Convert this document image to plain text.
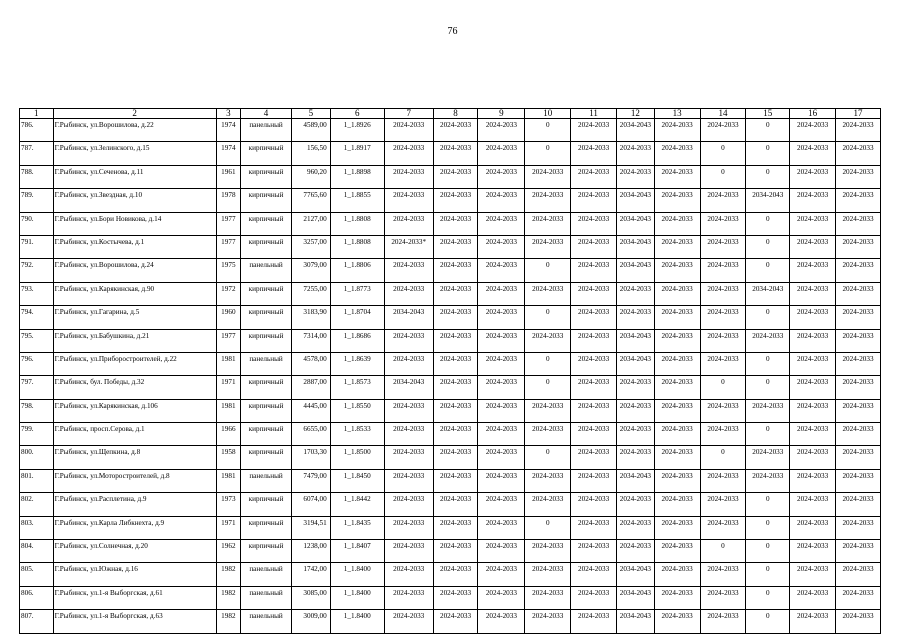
76
1	2	3	4	5	6	7	8	9	10	11	12	13	14	15	16	17
786.	Г.Рыбинск, ул.Ворошилова, д.22	1974	панельный	4589,00	1_1.8926	2024-2033	2024-2033	2024-2033	0	2024-2033	2034-2043	2024-2033	2024-2033	0	2024-2033	2024-2033
787.	Г.Рыбинск, ул.Зелинского, д.15	1974	кирпичный	156,50	1_1.8917	2024-2033	2024-2033	2024-2033	0	2024-2033	2024-2033	2024-2033	0	0	2024-2033	2024-2033
788.	Г.Рыбинск, ул.Сеченова, д.11	1961	кирпичный	960,20	1_1.8898	2024-2033	2024-2033	2024-2033	2024-2033	2024-2033	2024-2033	2024-2033	0	0	2024-2033	2024-2033
789.	Г.Рыбинск, ул.Звездная, д.10	1978	кирпичный	7765,60	1_1.8855	2024-2033	2024-2033	2024-2033	2024-2033	2024-2033	2034-2043	2024-2033	2024-2033	2034-2043	2024-2033	2024-2033
790.	Г.Рыбинск, ул.Бори Новикова, д.14	1977	кирпичный	2127,00	1_1.8808	2024-2033	2024-2033	2024-2033	2024-2033	2024-2033	2034-2043	2024-2033	2024-2033	0	2024-2033	2024-2033
791.	Г.Рыбинск, ул.Костычева, д.1	1977	кирпичный	3257,00	1_1.8808	2024-2033*	2024-2033	2024-2033	2024-2033	2024-2033	2034-2043	2024-2033	2024-2033	0	2024-2033	2024-2033
792.	Г.Рыбинск, ул.Ворошилова, д.24	1975	панельный	3079,00	1_1.8806	2024-2033	2024-2033	2024-2033	0	2024-2033	2034-2043	2024-2033	2024-2033	0	2024-2033	2024-2033
793.	Г.Рыбинск, ул.Карякинская, д.90	1972	кирпичный	7255,00	1_1.8773	2024-2033	2024-2033	2024-2033	2024-2033	2024-2033	2024-2033	2024-2033	2024-2033	2034-2043	2024-2033	2024-2033
794.	Г.Рыбинск, ул.Гагарина, д.5	1960	кирпичный	3183,90	1_1.8704	2034-2043	2024-2033	2024-2033	0	2024-2033	2024-2033	2024-2033	2024-2033	0	2024-2033	2024-2033
795.	Г.Рыбинск, ул.Бабушкина, д.21	1977	кирпичный	7314,00	1_1.8686	2024-2033	2024-2033	2024-2033	2024-2033	2024-2033	2034-2043	2024-2033	2024-2033	2024-2033	2024-2033	2024-2033
796.	Г.Рыбинск, ул.Приборостроителей, д.22	1981	панельный	4578,00	1_1.8639	2024-2033	2024-2033	2024-2033	0	2024-2033	2034-2043	2024-2033	2024-2033	0	2024-2033	2024-2033
797.	Г.Рыбинск, бул. Победы, д.32	1971	кирпичный	2887,00	1_1.8573	2034-2043	2024-2033	2024-2033	0	2024-2033	2024-2033	2024-2033	0	0	2024-2033	2024-2033
798.	Г.Рыбинск, ул.Карякинская, д.106	1981	кирпичный	4445,00	1_1.8550	2024-2033	2024-2033	2024-2033	2024-2033	2024-2033	2024-2033	2024-2033	2024-2033	2024-2033	2024-2033	2024-2033
799.	Г.Рыбинск, просп.Серова, д.1	1966	кирпичный	6655,00	1_1.8533	2024-2033	2024-2033	2024-2033	2024-2033	2024-2033	2024-2033	2024-2033	2024-2033	0	2024-2033	2024-2033
800.	Г.Рыбинск, ул.Щепкина, д.8	1958	кирпичный	1703,30	1_1.8500	2024-2033	2024-2033	2024-2033	0	2024-2033	2024-2033	2024-2033	0	2024-2033	2024-2033	2024-2033
801.	Г.Рыбинск, ул.Моторостроителей, д.8	1981	панельный	7479,00	1_1.8450	2024-2033	2024-2033	2024-2033	2024-2033	2024-2033	2034-2043	2024-2033	2024-2033	2024-2033	2024-2033	2024-2033
802.	Г.Рыбинск, ул.Расплетина, д.9	1973	кирпичный	6074,00	1_1.8442	2024-2033	2024-2033	2024-2033	2024-2033	2024-2033	2024-2033	2024-2033	2024-2033	0	2024-2033	2024-2033
803.	Г.Рыбинск, ул.Карла Либкнехта, д.9	1971	кирпичный	3194,51	1_1.8435	2024-2033	2024-2033	2024-2033	0	2024-2033	2024-2033	2024-2033	2024-2033	0	2024-2033	2024-2033
804.	Г.Рыбинск, ул.Солнечная, д.20	1962	кирпичный	1238,00	1_1.8407	2024-2033	2024-2033	2024-2033	2024-2033	2024-2033	2024-2033	2024-2033	0	0	2024-2033	2024-2033
805.	Г.Рыбинск, ул.Южная, д.16	1982	панельный	1742,00	1_1.8400	2024-2033	2024-2033	2024-2033	2024-2033	2024-2033	2034-2043	2024-2033	2024-2033	0	2024-2033	2024-2033
806.	Г.Рыбинск, ул.1-я Выборгская, д.61	1982	панельный	3085,00	1_1.8400	2024-2033	2024-2033	2024-2033	2024-2033	2024-2033	2034-2043	2024-2033	2024-2033	0	2024-2033	2024-2033
807.	Г.Рыбинск, ул.1-я Выборгская, д.63	1982	панельный	3009,00	1_1.8400	2024-2033	2024-2033	2024-2033	2024-2033	2024-2033	2034-2043	2024-2033	2024-2033	0	2024-2033	2024-2033
